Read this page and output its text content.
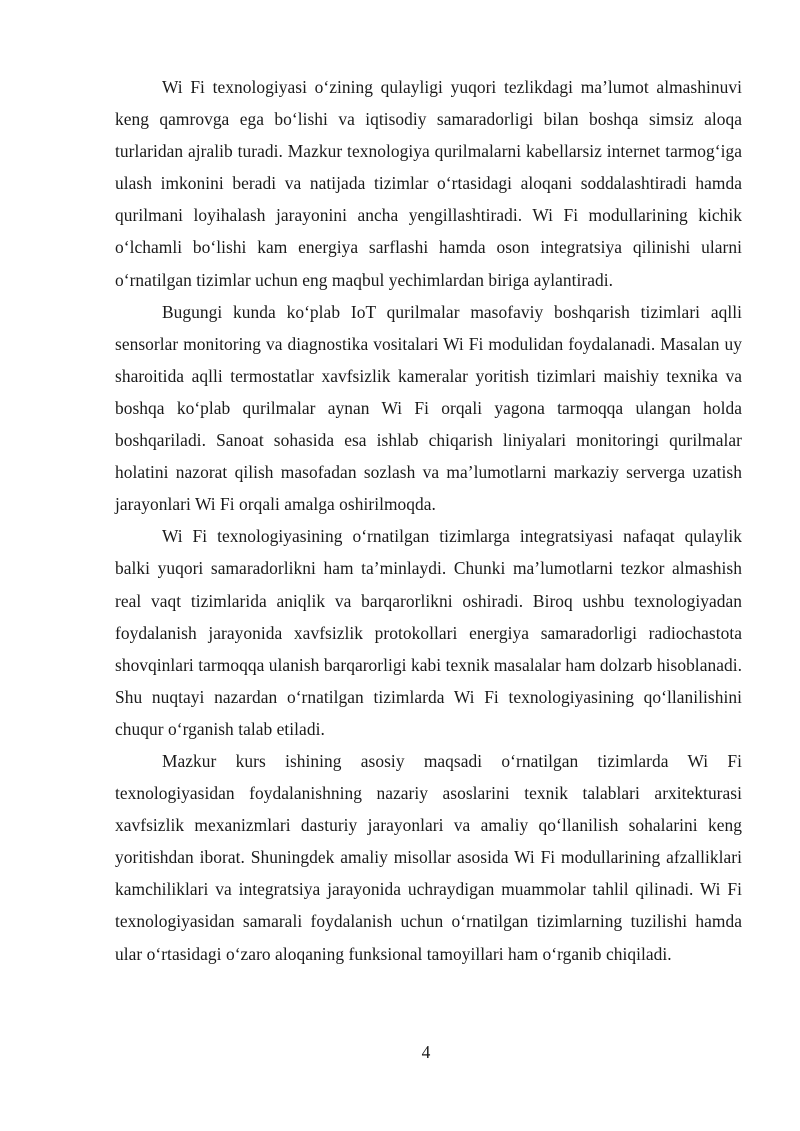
Wi Fi texnologiyasi o‘zining qulayligi yuqori tezlikdagi ma’lumot almashinuvi keng qamrovga ega bo‘lishi va iqtisodiy samaradorligi bilan boshqa simsiz aloqa turlaridan ajralib turadi. Mazkur texnologiya qurilmalarni kabellarsiz internet tarmog‘iga ulash imkonini beradi va natijada tizimlar o‘rtasidagi aloqani soddalashtiradi hamda qurilmani loyihalash jarayonini ancha yengillashtiradi. Wi Fi modullarining kichik o‘lchamli bo‘lishi kam energiya sarflashi hamda oson integratsiya qilinishi ularni o‘rnatilgan tizimlar uchun eng maqbul yechimlardan biriga aylantiradi.

Bugungi kunda ko‘plab IoT qurilmalar masofaviy boshqarish tizimlari aqlli sensorlar monitoring va diagnostika vositalari Wi Fi modulidan foydalanadi. Masalan uy sharoitida aqlli termostatlar xavfsizlik kameralar yoritish tizimlari maishiy texnika va boshqa ko‘plab qurilmalar aynan Wi Fi orqali yagona tarmoqqa ulangan holda boshqariladi. Sanoat sohasida esa ishlab chiqarish liniyalari monitoringi qurilmalar holatini nazorat qilish masofadan sozlash va ma’lumotlarni markaziy serverga uzatish jarayonlari Wi Fi orqali amalga oshirilmoqda.

Wi Fi texnologiyasining o‘rnatilgan tizimlarga integratsiyasi nafaqat qulaylik balki yuqori samaradorlikni ham ta’minlaydi. Chunki ma’lumotlarni tezkor almashish real vaqt tizimlarida aniqlik va barqarorlikni oshiradi. Biroq ushbu texnologiyadan foydalanish jarayonida xavfsizlik protokollari energiya samaradorligi radiochastota shovqinlari tarmoqqa ulanish barqarorligi kabi texnik masalalar ham dolzarb hisoblanadi. Shu nuqtayi nazardan o‘rnatilgan tizimlarda Wi Fi texnologiyasining qo‘llanilishini chuqur o‘rganish talab etiladi.

Mazkur kurs ishining asosiy maqsadi o‘rnatilgan tizimlarda Wi Fi texnologiyasidan foydalanishning nazariy asoslarini texnik talablari arxitekturasi xavfsizlik mexanizmlari dasturiy jarayonlari va amaliy qo‘llanilish sohalarini keng yoritishdan iborat. Shuningdek amaliy misollar asosida Wi Fi modullarining afzalliklari kamchiliklari va integratsiya jarayonida uchraydigan muammolar tahlil qilinadi. Wi Fi texnologiyasidan samarali foydalanish uchun o‘rnatilgan tizimlarning tuzilishi hamda ular o‘rtasidagi o‘zaro aloqaning funksional tamoyillari ham o‘rganib chiqiladi.

4
